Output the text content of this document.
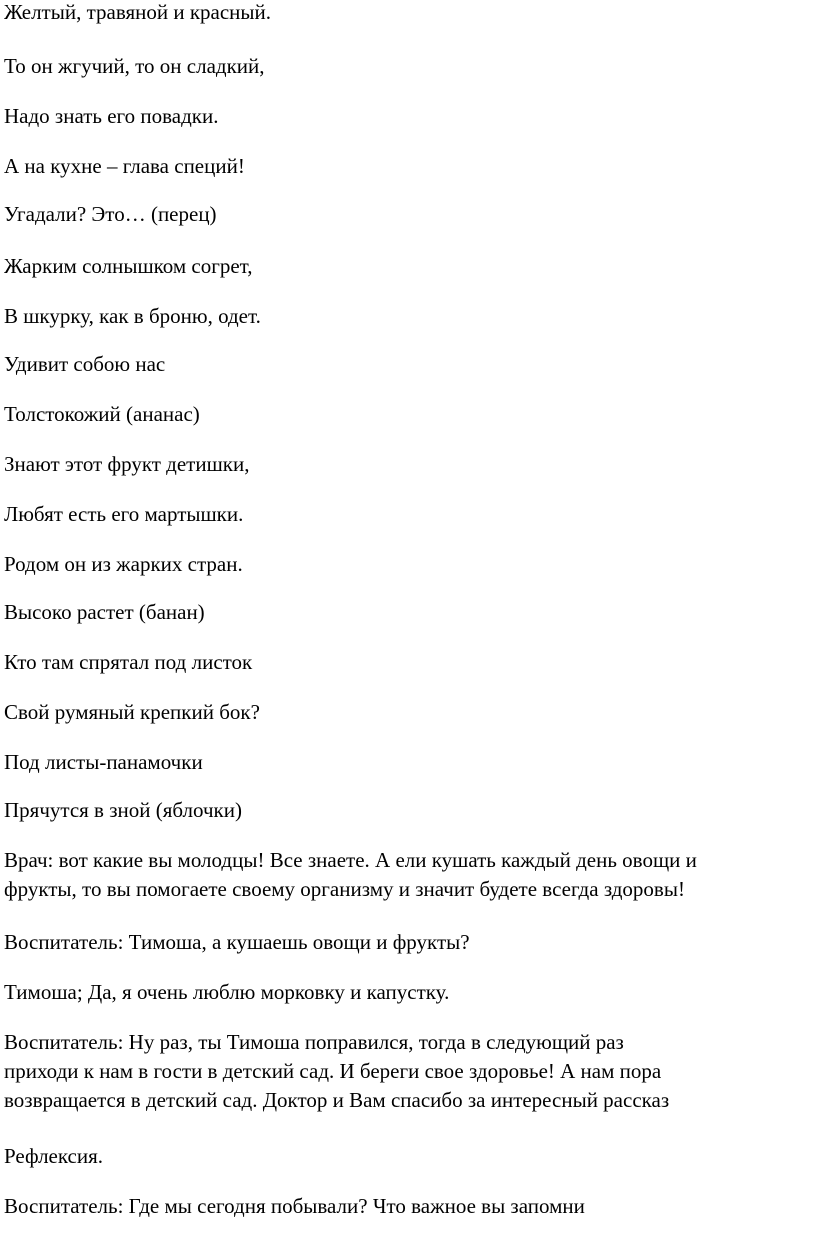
Желтый, травяной и красный.

То он жгучий, то он сладкий,

Надо знать его повадки.

А на кухне – глава специй!

Угадали? Это… (перец)

Жарким солнышком согрет,

В шкурку, как в броню, одет.

Удивит собою нас

Толстокожий (ананас)

Знают этот фрукт детишки,

Любят есть его мартышки.

Родом он из жарких стран.

Высоко растет (банан)

Кто там спрятал под листок

Свой румяный крепкий бок?

Под листы-панамочки

Прячутся в зной (яблочки)

Врач: вот какие вы молодцы! Все знаете. А ели кушать каждый день овощи и
фрукты, то вы помогаете своему организму и значит будете всегда здоровы!

Воспитатель: Тимоша, а кушаешь овощи и фрукты?

Тимоша; Да, я очень люблю морковку и капустку.

Воспитатель: Ну раз, ты Тимоша поправился, тогда в следующий раз
приходи к нам в гости в детский сад. И береги свое здоровье! А нам пора
возвращается в детский сад. Доктор и Вам спасибо за интересный рассказ

Рефлексия.

Воспитатель: Где мы сегодня побывали? Что важное вы запомни
